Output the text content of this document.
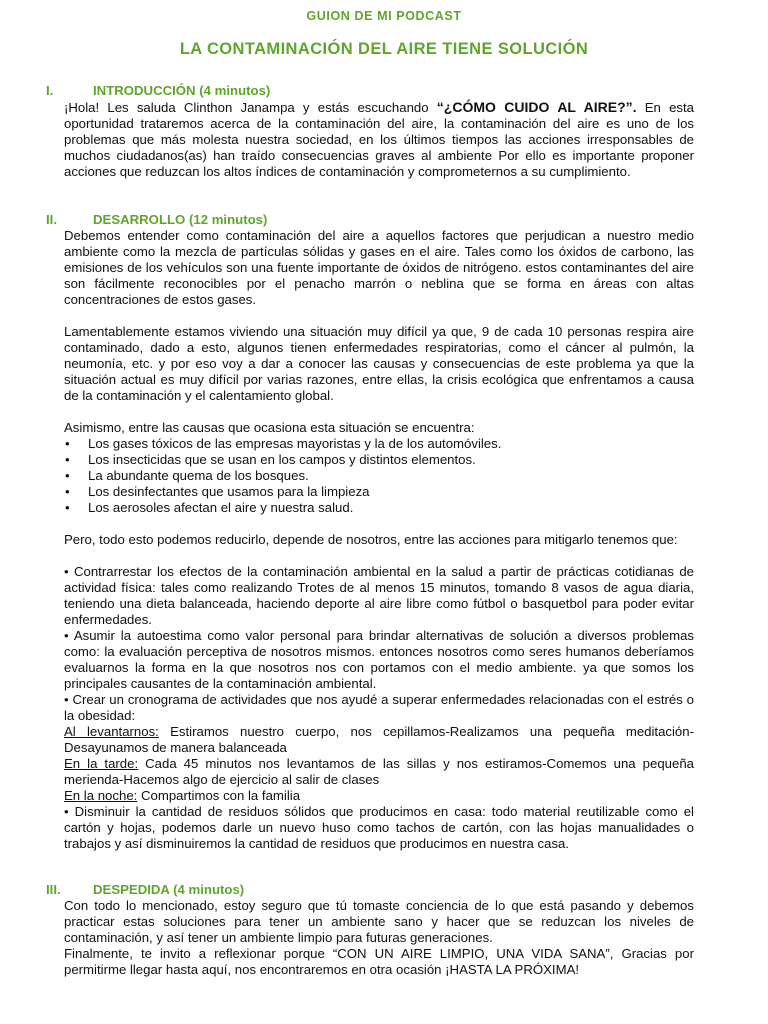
GUION DE MI PODCAST
LA CONTAMINACIÓN DEL AIRE TIENE SOLUCIÓN
I.	INTRODUCCIÓN (4 minutos)
¡Hola! Les saluda Clinthon Janampa y estás escuchando “¿CÓMO CUIDO AL AIRE?”. En esta oportunidad trataremos acerca de la contaminación del aire, la contaminación del aire es uno de los problemas que más molesta nuestra sociedad, en los últimos tiempos las acciones irresponsables de muchos ciudadanos(as) han traído consecuencias graves al ambiente Por ello es importante proponer acciones que reduzcan los altos índices de contaminación y comprometernos a su cumplimiento.
II.	DESARROLLO (12 minutos)
Debemos entender como contaminación del aire a aquellos factores que perjudican a nuestro medio ambiente como la mezcla de partículas sólidas y gases en el aire. Tales como los óxidos de carbono, las emisiones de los vehículos son una fuente importante de óxidos de nitrógeno. estos contaminantes del aire son fácilmente reconocibles por el penacho marrón o neblina que se forma en áreas con altas concentraciones de estos gases.
Lamentablemente estamos viviendo una situación muy difícil ya que, 9 de cada 10 personas respira aire contaminado, dado a esto, algunos tienen enfermedades respiratorias, como el cáncer al pulmón, la neumonía, etc. y por eso voy a dar a conocer las causas y consecuencias de este problema ya que la situación actual es muy difícil por varias razones, entre ellas, la crisis ecológica que enfrentamos a causa de la contaminación y el calentamiento global.
Asimismo, entre las causas que ocasiona esta situación se encuentra:
•	Los gases tóxicos de las empresas mayoristas y la de los automóviles.
•	Los insecticidas que se usan en los campos y distintos elementos.
•	La abundante quema de los bosques.
•	Los desinfectantes que usamos para la limpieza
•	Los aerosoles afectan el aire y nuestra salud.
Pero, todo esto podemos reducirlo, depende de nosotros, entre las acciones para mitigarlo tenemos que:
• Contrarrestar los efectos de la contaminación ambiental en la salud a partir de prácticas cotidianas de actividad física: tales como realizando Trotes de al menos 15 minutos, tomando 8 vasos de agua diaria, teniendo una dieta balanceada, haciendo deporte al aire libre como fútbol o basquetbol para poder evitar enfermedades.
• Asumir la autoestima como valor personal para brindar alternativas de solución a diversos problemas como: la evaluación perceptiva de nosotros mismos. entonces nosotros como seres humanos deberíamos evaluarnos la forma en la que nosotros nos con portamos con el medio ambiente. ya que somos los principales causantes de la contaminación ambiental.
• Crear un cronograma de actividades que nos ayudé a superar enfermedades relacionadas con el estrés o la obesidad:
Al levantarnos: Estiramos nuestro cuerpo, nos cepillamos-Realizamos una pequeña meditación-Desayunamos de manera balanceada
En la tarde: Cada 45 minutos nos levantamos de las sillas y nos estiramos-Comemos una pequeña merienda-Hacemos algo de ejercicio al salir de clases
En la noche: Compartimos con la familia
• Disminuir la cantidad de residuos sólidos que producimos en casa: todo material reutilizable como el cartón y hojas, podemos darle un nuevo huso como tachos de cartón, con las hojas manualidades o trabajos y así disminuiremos la cantidad de residuos que producimos en nuestra casa.
III. DESPEDIDA (4 minutos)
Con todo lo mencionado, estoy seguro que tú tomaste conciencia de lo que está pasando y debemos practicar estas soluciones para tener un ambiente sano y hacer que se reduzcan los niveles de contaminación, y así tener un ambiente limpio para futuras generaciones.
Finalmente, te invito a reflexionar porque “CON UN AIRE LIMPIO, UNA VIDA SANA”, Gracias por permitirme llegar hasta aquí, nos encontraremos en otra ocasión ¡HASTA LA PRÓXIMA!
